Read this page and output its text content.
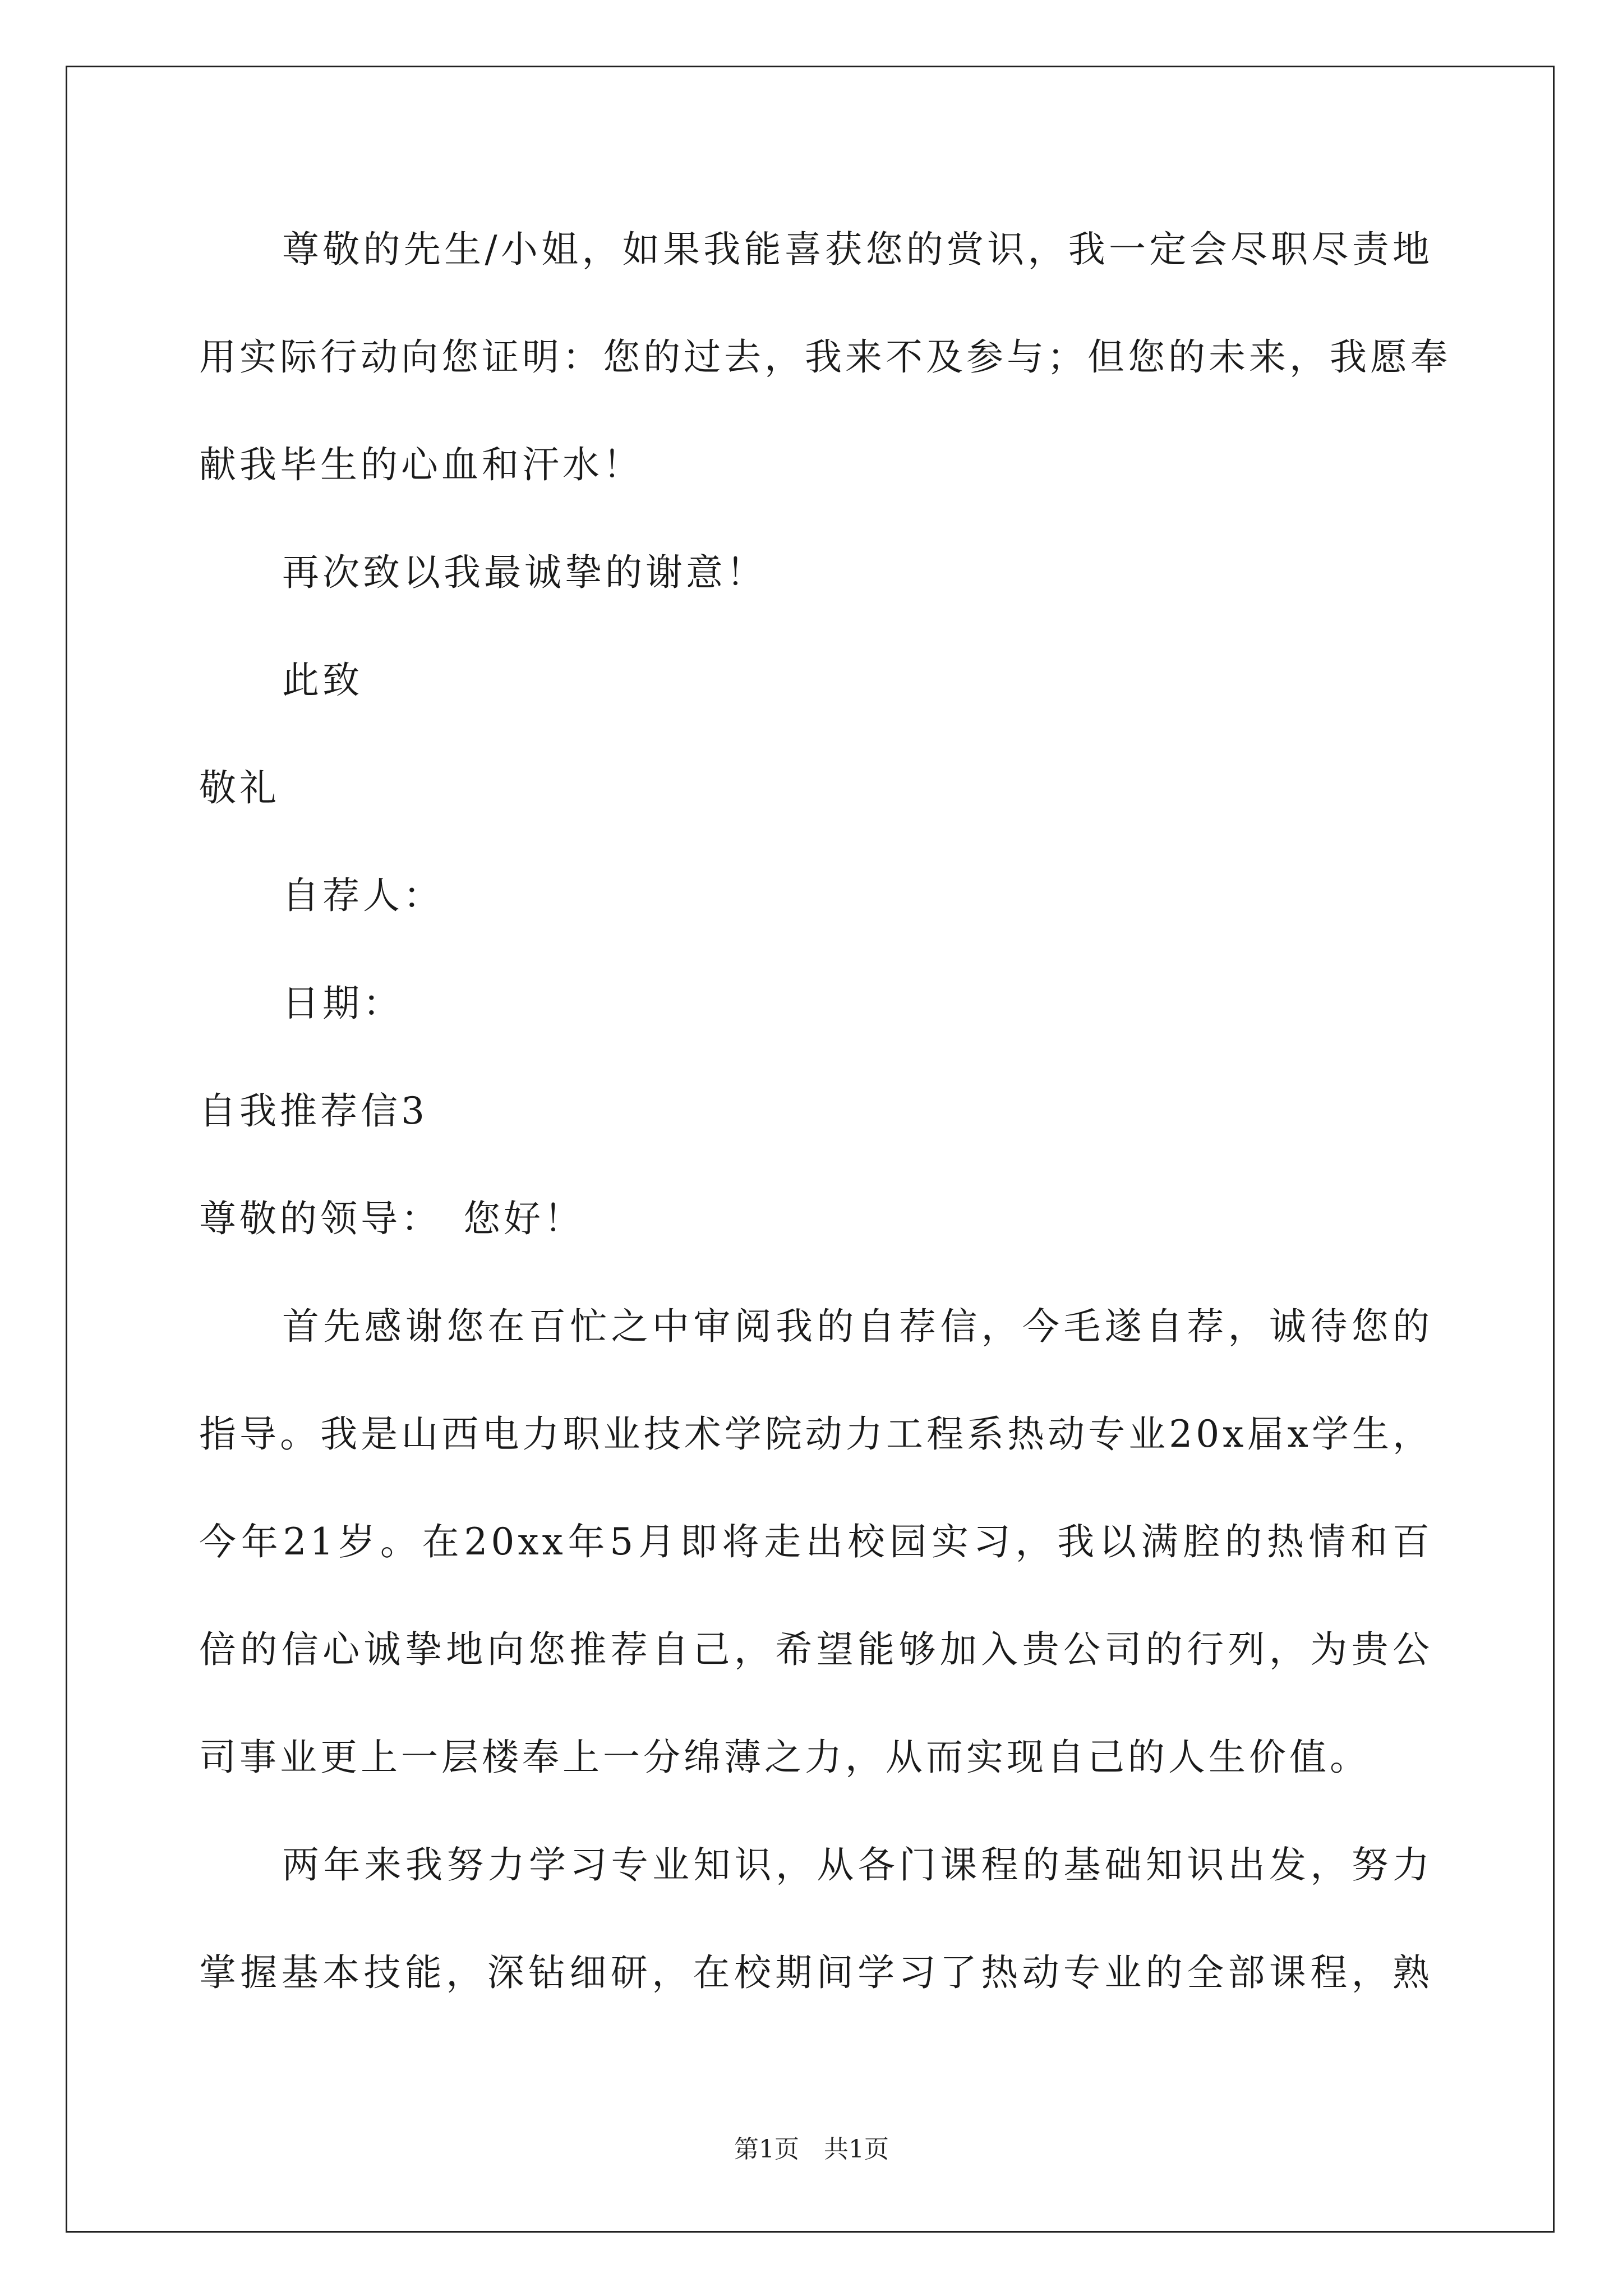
尊敬的先生/小姐，如果我能喜获您的赏识，我一定会尽职尽责地
用实际行动向您证明：您的过去，我来不及参与；但您的未来，我愿奉
献我毕生的心血和汗水！
再次致以我最诚挚的谢意！
此致
敬礼
自荐人：
日期：
自我推荐信3
尊敬的领导：　您好！
首先感谢您在百忙之中审阅我的自荐信，今毛遂自荐，诚待您的
指导。我是山西电力职业技术学院动力工程系热动专业20x届x学生，
今年21岁。在20xx年5月即将走出校园实习，我以满腔的热情和百
倍的信心诚挚地向您推荐自己，希望能够加入贵公司的行列，为贵公
司事业更上一层楼奉上一分绵薄之力，从而实现自己的人生价值。
两年来我努力学习专业知识，从各门课程的基础知识出发，努力
掌握基本技能，深钻细研，在校期间学习了热动专业的全部课程，熟
第1页 共1页
